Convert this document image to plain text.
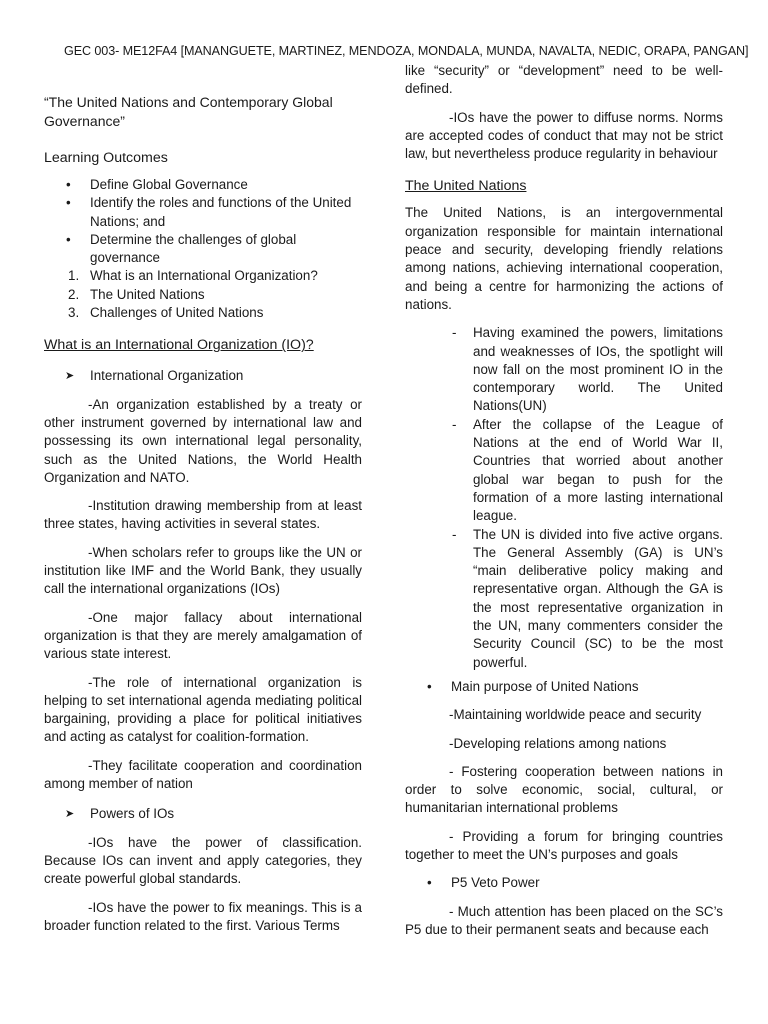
GEC 003- ME12FA4 [MANANGUETE, MARTINEZ, MENDOZA, MONDALA, MUNDA, NAVALTA, NEDIC, ORAPA, PANGAN]

“The United Nations and Contemporary Global Governance”

Learning Outcomes
• Define Global Governance
• Identify the roles and functions of the United Nations; and
• Determine the challenges of global governance
1. What is an International Organization?
2. The United Nations
3. Challenges of United Nations
What is an International Organization (IO)?
➤ International Organization

-An organization established by a treaty or other instrument governed by international law and possessing its own international legal personality, such as the United Nations, the World Health Organization and NATO.

-Institution drawing membership from at least three states, having activities in several states.

-When scholars refer to groups like the UN or institution like IMF and the World Bank, they usually call the international organizations (IOs)

-One major fallacy about international organization is that they are merely amalgamation of various state interest.

-The role of international organization is helping to set international agenda mediating political bargaining, providing a place for political initiatives and acting as catalyst for coalition-formation.

-They facilitate cooperation and coordination among member of nation

➤ Powers of IOs

-IOs have the power of classification. Because IOs can invent and apply categories, they create powerful global standards.

-IOs have the power to fix meanings. This is a broader function related to the first. Various Terms

like “security” or “development” need to be well-defined.

-IOs have the power to diffuse norms. Norms are accepted codes of conduct that may not be strict law, but nevertheless produce regularity in behaviour

The United Nations

The United Nations, is an intergovernmental organization responsible for maintain international peace and security, developing friendly relations among nations, achieving international cooperation, and being a centre for harmonizing the actions of nations.

- Having examined the powers, limitations and weaknesses of IOs, the spotlight will now fall on the most prominent IO in the contemporary world. The United Nations(UN)
- After the collapse of the League of Nations at the end of World War II, Countries that worried about another global war began to push for the formation of a more lasting international league.
- The UN is divided into five active organs. The General Assembly (GA) is UN’s “main deliberative policy making and representative organ. Although the GA is the most representative organization in the UN, many commenters consider the Security Council (SC) to be the most powerful.
• Main purpose of United Nations

-Maintaining worldwide peace and security

-Developing relations among nations

- Fostering cooperation between nations in order to solve economic, social, cultural, or humanitarian international problems

- Providing a forum for bringing countries together to meet the UN’s purposes and goals

• P5 Veto Power

- Much attention has been placed on the SC’s P5 due to their permanent seats and because each
